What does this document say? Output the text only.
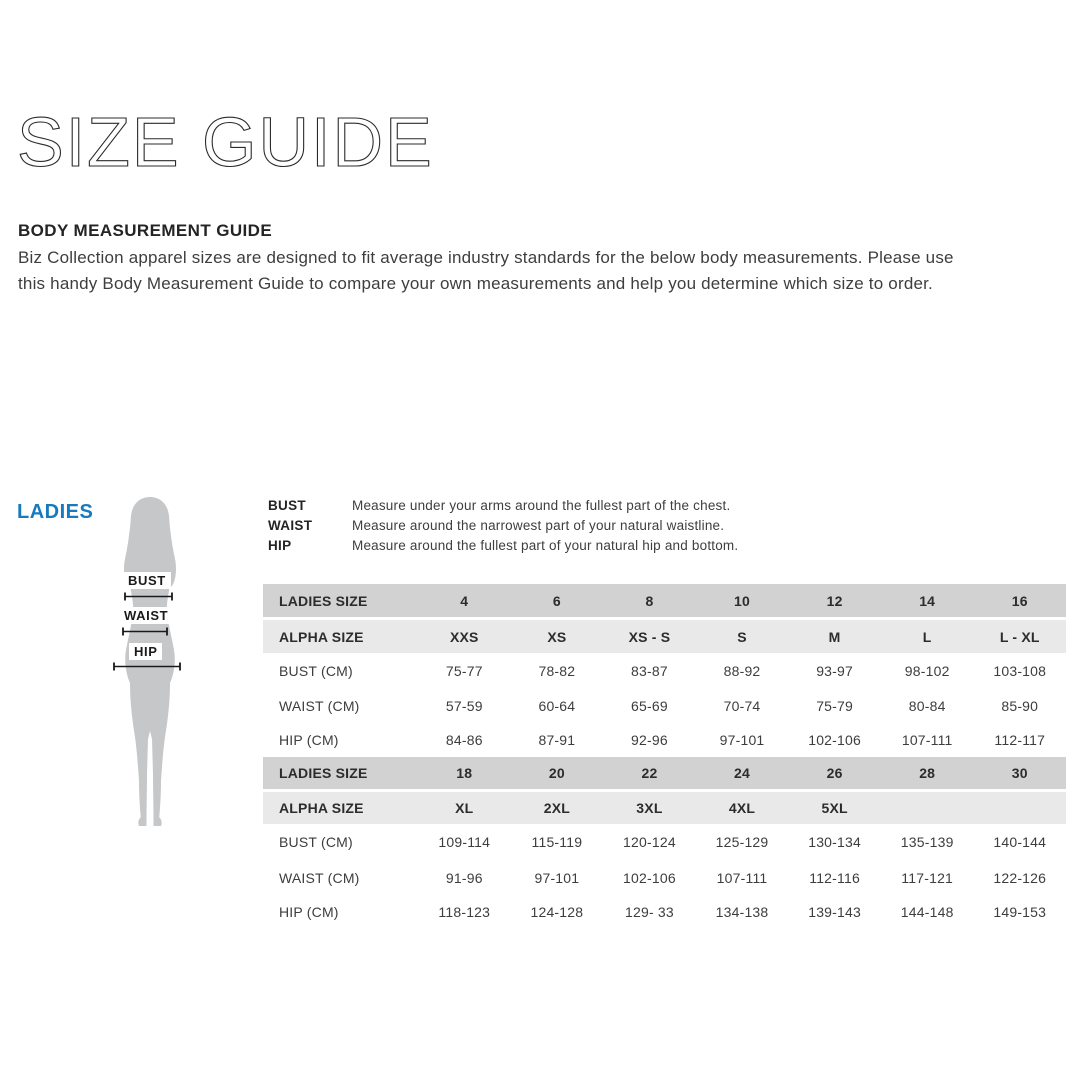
SIZE GUIDE
BODY MEASUREMENT GUIDE
Biz Collection apparel sizes are designed to fit average industry standards for the below body measurements. Please use
this handy Body Measurement Guide to compare your own measurements and help you determine which size to order.
LADIES
BUST
WAIST
HIP
BUST	Measure under your arms around the fullest part of the chest.
WAIST	Measure around the narrowest part of your natural waistline.
HIP	Measure around the fullest part of your natural hip and bottom.
LADIES SIZE	4	6	8	10	12	14	16
ALPHA SIZE	XXS	XS	XS - S	S	M	L	L - XL
BUST (CM)	75-77	78-82	83-87	88-92	93-97	98-102	103-108
WAIST (CM)	57-59	60-64	65-69	70-74	75-79	80-84	85-90
HIP (CM)	84-86	87-91	92-96	97-101	102-106	107-111	112-117
LADIES SIZE	18	20	22	24	26	28	30
ALPHA SIZE	XL	2XL	3XL	4XL	5XL
BUST (CM)	109-114	115-119	120-124	125-129	130-134	135-139	140-144
WAIST (CM)	91-96	97-101	102-106	107-111	112-116	117-121	122-126
HIP (CM)	118-123	124-128	129- 33	134-138	139-143	144-148	149-153
